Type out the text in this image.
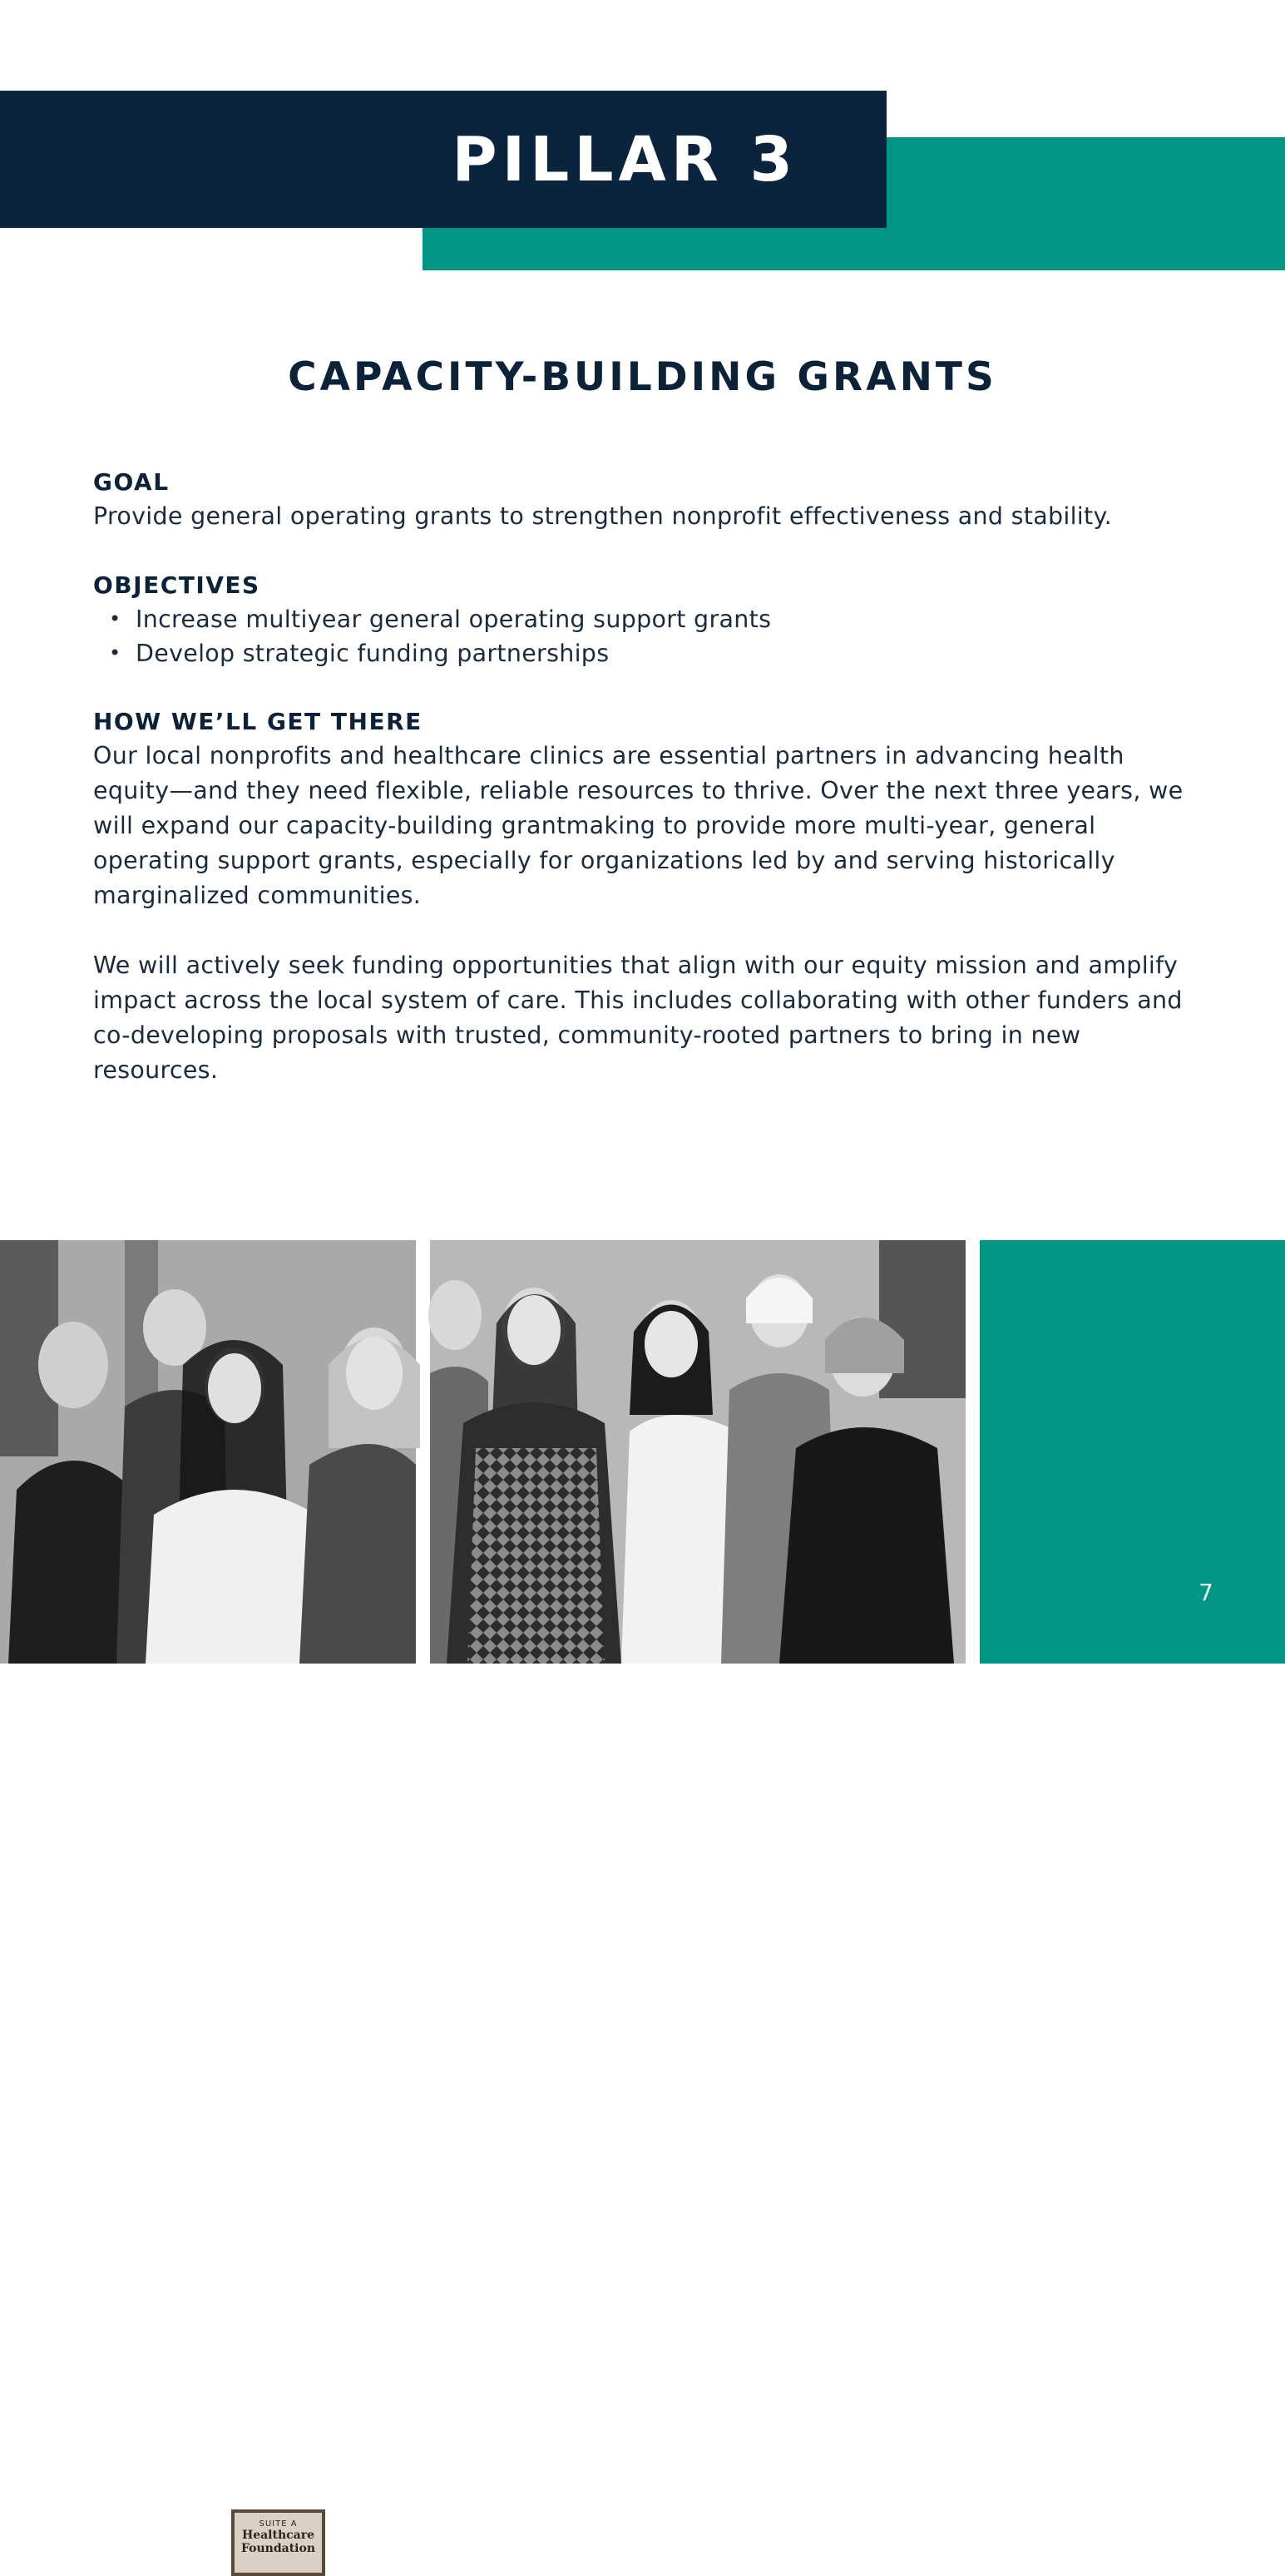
PILLAR 3
CAPACITY-BUILDING GRANTS
GOAL

Provide general operating grants to strengthen nonprofit effectiveness and stability.

OBJECTIVES
• Increase multiyear general operating support grants
• Develop strategic funding partnerships
HOW WE’LL GET THERE

Our local nonprofits and healthcare clinics are essential partners in advancing health equity—and they need flexible, reliable resources to thrive. Over the next three years, we will expand our capacity-building grantmaking to provide more multi-year, general operating support grants, especially for organizations led by and serving historically marginalized communities.

We will actively seek funding opportunities that align with our equity mission and amplify impact across the local system of care. This includes collaborating with other funders and co-developing proposals with trusted, community-rooted partners to bring in new resources.

SUITE A
Healthcare Foundation
7
